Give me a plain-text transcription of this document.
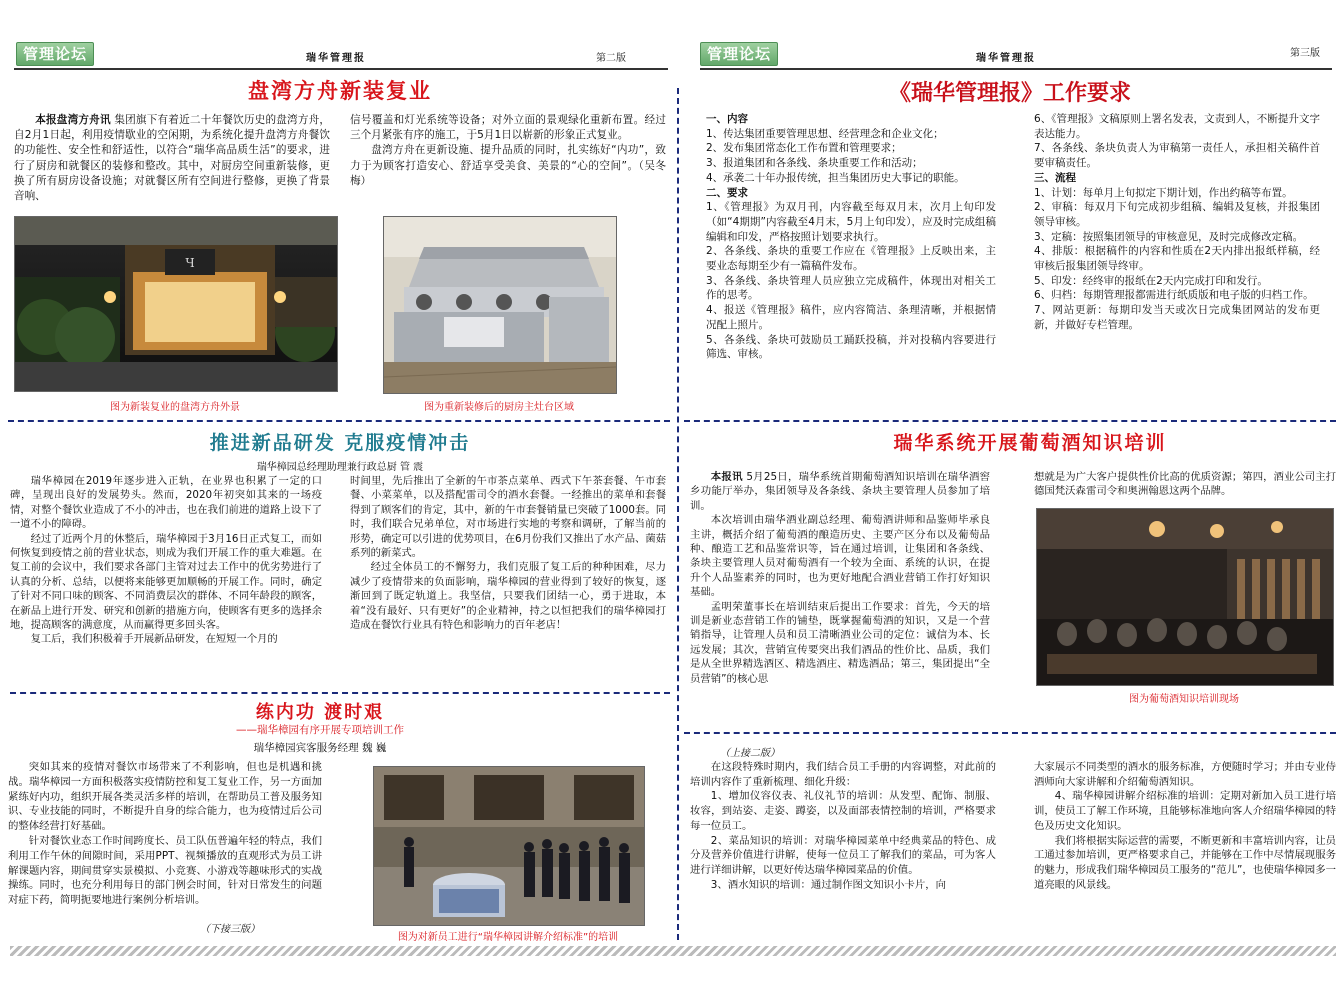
管理论坛	瑞华管理报	第二版	管理论坛	瑞华管理报	第三版
盘湾方舟新装复业

本报盘湾方舟讯 集团旗下有着近二十年餐饮历史的盘湾方舟，自2月1日起，利用疫情歇业的空闲期，为系统化提升盘湾方舟餐饮的功能性、安全性和舒适性，以符合“瑞华高品质生活”的要求，进行了厨房和就餐区的装修和整改。其中，对厨房空间重新装修，更换了所有厨房设备设施；对就餐区所有空间进行整修，更换了背景音响、

信号覆盖和灯光系统等设备；对外立面的景观绿化重新布置。经过三个月紧张有序的施工，于5月1日以崭新的形象正式复业。

盘湾方舟在更新设施、提升品质的同时，扎实练好“内功”，致力于为顾客打造安心、舒适享受美食、美景的“心的空间”。（吴冬梅）

Ч
图为新装复业的盘湾方舟外景	图为重新装修后的厨房主灶台区域
推进新品研发 克服疫情冲击
瑞华樟园总经理助理兼行政总厨 管 震

瑞华樟园在2019年逐步进入正轨，在业界也积累了一定的口碑，呈现出良好的发展势头。然而，2020年初突如其来的一场疫情，对整个餐饮业造成了不小的冲击，也在我们前进的道路上设下了一道不小的障碍。

经过了近两个月的休整后，瑞华樟园于3月16日正式复工，而如何恢复到疫情之前的营业状态，则成为我们开展工作的重大难题。在复工前的会议中，我们要求各部门主管对过去工作中的优劣势进行了认真的分析、总结，以便将来能够更加顺畅的开展工作。同时，确定了针对不同口味的顾客、不同消费层次的群体、不同年龄段的顾客，在新品上进行开发、研究和创新的措施方向，使顾客有更多的选择余地，提高顾客的满意度，从而赢得更多回头客。

复工后，我们积极着手开展新品研发，在短短一个月的

时间里，先后推出了全新的午市茶点菜单、西式下午茶套餐、午市套餐、小菜菜单，以及搭配雷司令的酒水套餐。一经推出的菜单和套餐得到了顾客们的肯定，其中，新的午市套餐销量已突破了1000套。同时，我们联合兄弟单位，对市场进行实地的考察和调研，了解当前的形势，确定可以引进的优势项目，在6月份我们又推出了水产品、菌菇系列的新菜式。

经过全体员工的不懈努力，我们克服了复工后的种种困难，尽力减少了疫情带来的负面影响，瑞华樟园的营业得到了较好的恢复，逐渐回到了既定轨道上。我坚信，只要我们团结一心，勇于进取，本着“没有最好、只有更好”的企业精神，持之以恒把我们的瑞华樟园打造成在餐饮行业具有特色和影响力的百年老店！

练内功 渡时艰
——瑞华樟园有序开展专项培训工作
瑞华樟园宾客服务经理 魏 巍

突如其来的疫情对餐饮市场带来了不利影响，但也是机遇和挑战。瑞华樟园一方面积极落实疫情防控和复工复业工作，另一方面加紧练好内功，组织开展各类灵活多样的培训，在帮助员工普及服务知识、专业技能的同时，不断提升自身的综合能力，也为疫情过后公司的整体经营打好基础。

针对餐饮业态工作时间跨度长、员工队伍普遍年轻的特点，我们利用工作午休的间隙时间，采用PPT、视频播放的直观形式为员工讲解课题内容，期间贯穿实景模拟、小竞赛、小游戏等趣味形式的实战操练。同时，也充分利用每日的部门例会时间，针对日常发生的问题对症下药，简明扼要地进行案例分析培训。

（下接三版）
图为对新员工进行“瑞华樟园讲解介绍标准”的培训
《瑞华管理报》工作要求
一、内容
1、传达集团重要管理思想、经营理念和企业文化；
2、发布集团常态化工作布置和管理要求；
3、报道集团和各条线、条块重要工作和活动；
4、承袭二十年办报传统，担当集团历史大事记的职能。
二、要求
1、《管理报》为双月刊，内容截至每双月末，次月上旬印发（如“4期期”内容截至4月末，5月上旬印发），应及时完成组稿编辑和印发，严格按照计划要求执行。
2、各条线、条块的重要工作应在《管理报》上反映出来，主要业态每期至少有一篇稿件发布。
3、各条线、条块管理人员应独立完成稿件，体现出对相关工作的思考。
4、报送《管理报》稿件，应内容简洁、条理清晰，并根据情况配上照片。
5、各条线、条块可鼓励员工踊跃投稿，并对投稿内容要进行筛选、审核。
6、《管理报》文稿原则上署名发表，文责到人，不断提升文字表达能力。
7、各条线、条块负责人为审稿第一责任人，承担相关稿件首要审稿责任。
三、流程
1、计划：每单月上旬拟定下期计划，作出约稿等布置。
2、审稿：每双月下旬完成初步组稿、编辑及复核，并报集团领导审核。
3、定稿：按照集团领导的审核意见，及时完成修改定稿。
4、排版：根据稿件的内容和性质在2天内排出报纸样稿，经审核后报集团领导终审。
5、印发：经终审的报纸在2天内完成打印和发行。
6、归档：每期管理报都需进行纸质版和电子版的归档工作。
7、网站更新：每期印发当天或次日完成集团网站的发布更新，并做好专栏管理。
瑞华系统开展葡萄酒知识培训

本报讯 5月25日，瑞华系统首期葡萄酒知识培训在瑞华酒窖乡功能厅举办，集团领导及各条线、条块主要管理人员参加了培训。

本次培训由瑞华酒业副总经理、葡萄酒讲师和品鉴师毕承良主讲，概括介绍了葡萄酒的酿造历史、主要产区分布以及葡萄品种、酿造工艺和品鉴常识等，旨在通过培训，让集团和各条线、条块主要管理人员对葡萄酒有一个较为全面、系统的认识，在提升个人品鉴素养的同时，也为更好地配合酒业营销工作打好知识基础。

孟明荣董事长在培训结束后提出工作要求：首先，今天的培训是新业态营销工作的铺垫，既掌握葡萄酒的知识，又是一个营销指导，让管理人员和员工清晰酒业公司的定位：诚信为本、长远发展；其次，营销宣传要突出我们酒品的性价比、品质，我们是从全世界精选酒区、精选酒庄、精选酒品；第三，集团提出“全员营销”的核心思

想就是为广大客户提供性价比高的优质资源；第四，酒业公司主打德国梵沃森雷司令和奥洲翰恩这两个品牌。

图为葡萄酒知识培训现场
（上接二版）

在这段特殊时期内，我们结合员工手册的内容调整，对此前的培训内容作了重新梳理、细化升级：

1、增加仪容仪表、礼仪礼节的培训：从发型、配饰、制服、妆容，到站姿、走姿、蹲姿，以及面部表情控制的培训，严格要求每一位员工。

2、菜品知识的培训：对瑞华樟园菜单中经典菜品的特色、成分及营养价值进行讲解，使每一位员工了解我们的菜品，可为客人进行详细讲解，以更好传达瑞华樟园菜品的价值。

3、酒水知识的培训：通过制作图文知识小卡片，向

大家展示不同类型的酒水的服务标准，方便随时学习；并由专业侍酒师向大家讲解和介绍葡萄酒知识。

4、瑞华樟园讲解介绍标准的培训：定期对新加入员工进行培训，使员工了解工作环境，且能够标准地向客人介绍瑞华樟园的特色及历史文化知识。

我们将根据实际运营的需要，不断更新和丰富培训内容，让员工通过参加培训，更严格要求自己，并能够在工作中尽情展现服务的魅力，形成我们瑞华樟园员工服务的“范儿”，也使瑞华樟园多一道亮眼的风景线。
